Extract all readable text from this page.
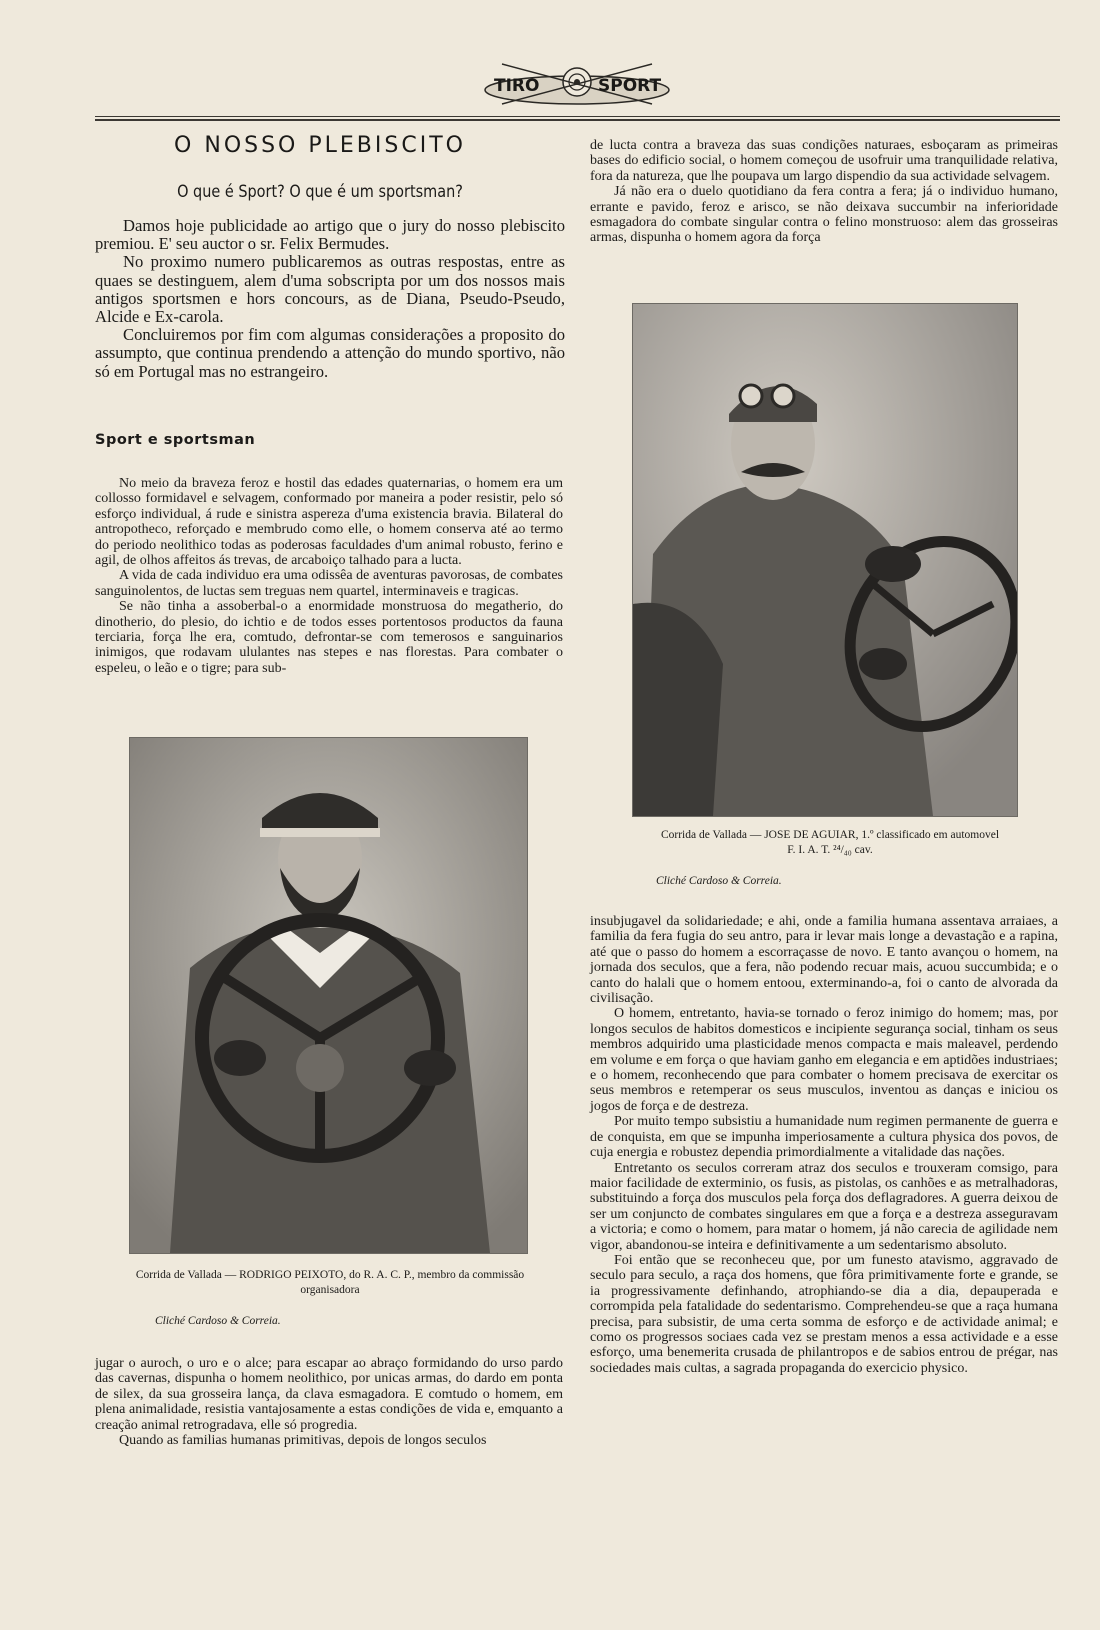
TIRO	SPORT
O NOSSO PLEBISCITO
O que é Sport? O que é um sportsman?

Damos hoje publicidade ao artigo que o jury do nosso plebiscito premiou. E' seu auctor o sr. Felix Bermudes.

No proximo numero publicaremos as outras respostas, entre as quaes se destinguem, alem d'uma sobscripta por um dos nossos mais antigos sportsmen e hors concours, as de Diana, Pseudo-Pseudo, Alcide e Ex-carola.

Concluiremos por fim com algumas considerações a proposito do assumpto, que continua prendendo a attenção do mundo sportivo, não só em Portugal mas no estrangeiro.

Sport e sportsman

No meio da braveza feroz e hostil das edades quaternarias, o homem era um collosso formidavel e selvagem, conformado por maneira a poder resistir, pelo só esforço individual, á rude e sinistra aspereza d'uma existencia bravia. Bilateral do antropotheco, reforçado e membrudo como elle, o homem conserva até ao termo do periodo neolithico todas as poderosas faculdades d'um animal robusto, ferino e agil, de olhos affeitos ás trevas, de arcaboiço talhado para a lucta.

A vida de cada individuo era uma odissêa de aventuras pavorosas, de combates sanguinolentos, de luctas sem treguas nem quartel, interminaveis e tragicas.

Se não tinha a assoberbal-o a enormidade monstruosa do megatherio, do dinotherio, do plesio, do ichtio e de todos esses portentosos productos da fauna terciaria, força lhe era, comtudo, defrontar-se com temerosos e sanguinarios inimigos, que rodavam ululantes nas stepes e nas florestas. Para combater o espeleu, o leão e o tigre; para sub-

Corrida de Vallada — RODRIGO PEIXOTO, do R. A. C. P., membro da commissão
organisadora
Cliché Cardoso & Correia.

jugar o auroch, o uro e o alce; para escapar ao abraço formidando do urso pardo das cavernas, dispunha o homem neolithico, por unicas armas, do dardo em ponta de silex, da sua grosseira lança, da clava esmagadora. E comtudo o homem, em plena animalidade, resistia vantajosamente a estas condições de vida e, emquanto a creação animal retrogradava, elle só progredia.

Quando as familias humanas primitivas, depois de longos seculos

de lucta contra a braveza das suas condições naturaes, esboçaram as primeiras bases do edificio social, o homem começou de usofruir uma tranquilidade relativa, fora da natureza, que lhe poupava um largo dispendio da sua actividade selvagem.

Já não era o duelo quotidiano da fera contra a fera; já o individuo humano, errante e pavido, feroz e arisco, se não deixava succumbir na inferioridade esmagadora do combate singular contra o felino monstruoso: alem das grosseiras armas, dispunha o homem agora da força

Corrida de Vallada — JOSE DE AGUIAR, 1.º classificado em automovel
F. I. A. T. ²⁴/₄₀ cav.
Cliché Cardoso & Correia.

insubjugavel da solidariedade; e ahi, onde a familia humana assentava arraiaes, a familia da fera fugia do seu antro, para ir levar mais longe a devastação e a rapina, até que o passo do homem a escorraçasse de novo. E tanto avançou o homem, na jornada dos seculos, que a fera, não podendo recuar mais, acuou succumbida; e o canto do halali que o homem entoou, exterminando-a, foi o canto de alvorada da civilisação.

O homem, entretanto, havia-se tornado o feroz inimigo do homem; mas, por longos seculos de habitos domesticos e incipiente segurança social, tinham os seus membros adquirido uma plasticidade menos compacta e mais maleavel, perdendo em volume e em força o que haviam ganho em elegancia e em aptidões industriaes; e o homem, reconhecendo que para combater o homem precisava de exercitar os seus membros e retemperar os seus musculos, inventou as danças e iniciou os jogos de força e de destreza.

Por muito tempo subsistiu a humanidade num regimen permanente de guerra e de conquista, em que se impunha imperiosamente a cultura physica dos povos, de cuja energia e robustez dependia primordialmente a vitalidade das nações.

Entretanto os seculos correram atraz dos seculos e trouxeram comsigo, para maior facilidade de exterminio, os fusis, as pistolas, os canhões e as metralhadoras, substituindo a força dos musculos pela força dos deflagradores. A guerra deixou de ser um conjuncto de combates singulares em que a força e a destreza asseguravam a victoria; e como o homem, para matar o homem, já não carecia de agilidade nem vigor, abandonou-se inteira e definitivamente a um sedentarismo absoluto.

Foi então que se reconheceu que, por um funesto atavismo, aggravado de seculo para seculo, a raça dos homens, que fôra primitivamente forte e grande, se ia progressivamente definhando, atrophiando-se dia a dia, depauperada e corrompida pela fatalidade do sedentarismo. Comprehendeu-se que a raça humana precisa, para subsistir, de uma certa somma de esforço e de actividade animal; e como os progressos sociaes cada vez se prestam menos a essa actividade e a esse esforço, uma benemerita crusada de philantropos e de sabios entrou de prégar, nas sociedades mais cultas, a sagrada propaganda do exercicio physico.
